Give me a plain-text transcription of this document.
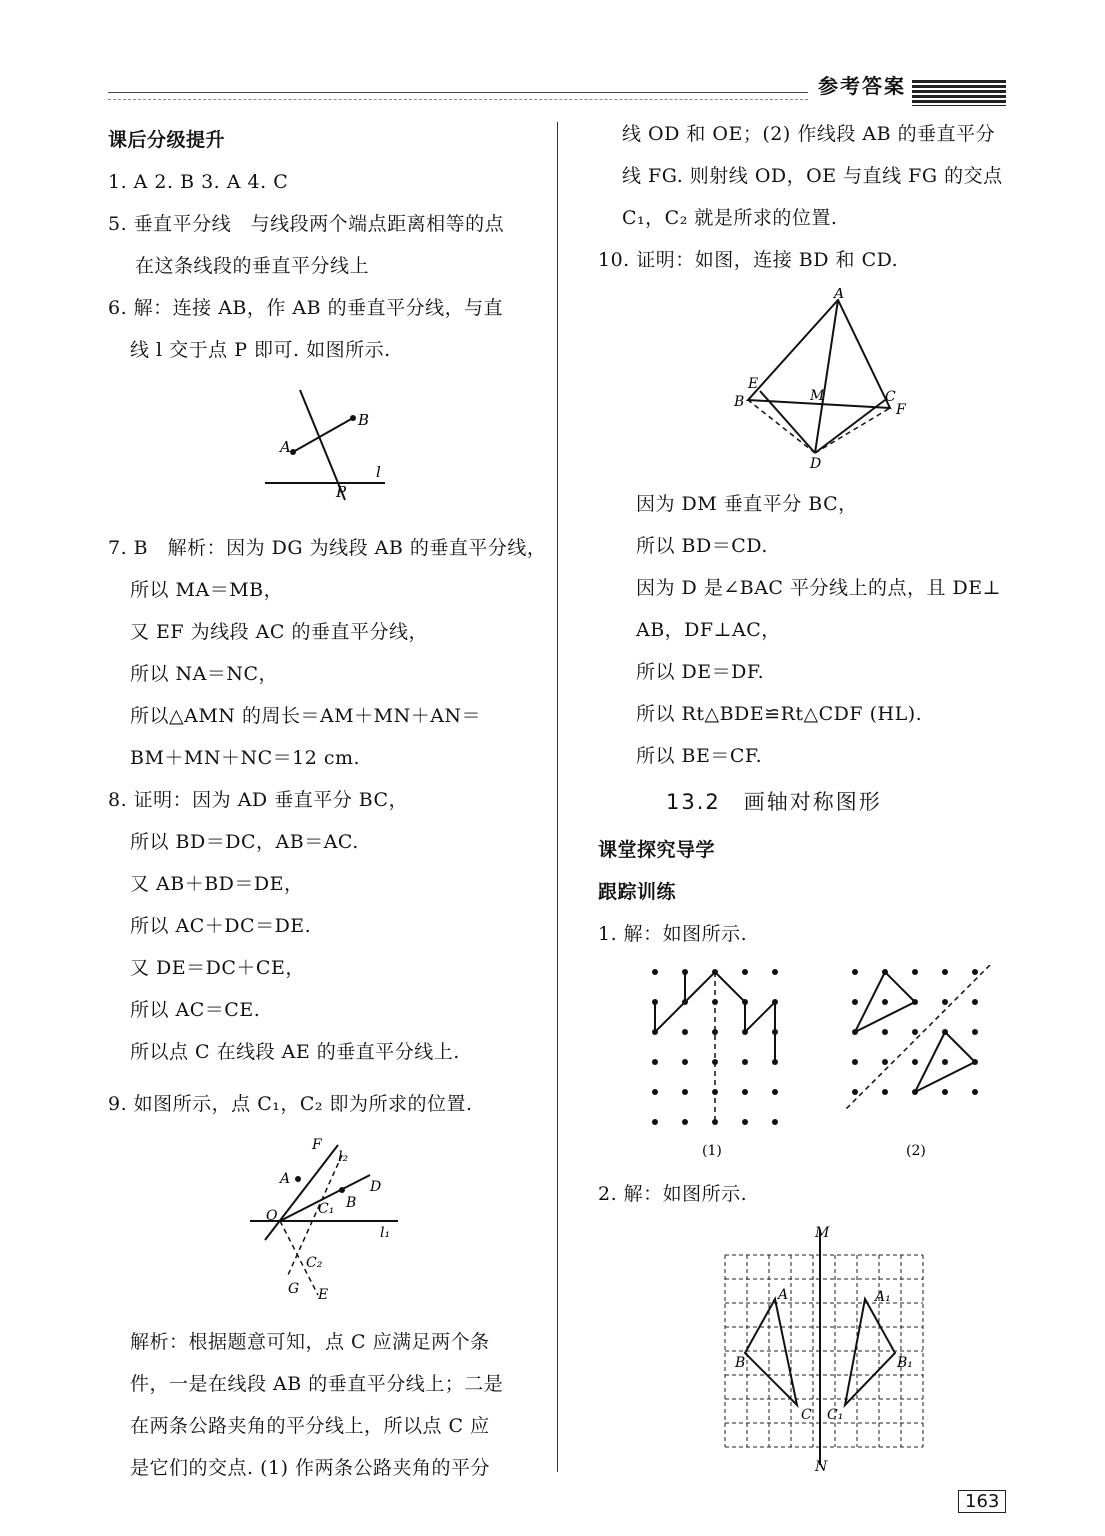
参考答案
课后分级提升
1. A 2. B 3. A 4. C
5. 垂直平分线　与线段两个端点距离相等的点
在这条线段的垂直平分线上
6. 解：连接 AB，作 AB 的垂直平分线，与直
线 l 交于点 P 即可. 如图所示.
7. B　解析：因为 DG 为线段 AB 的垂直平分线，
所以 MA＝MB，
又 EF 为线段 AC 的垂直平分线，
所以 NA＝NC，
所以△AMN 的周长＝AM＋MN＋AN＝
BM＋MN＋NC＝12 cm.
8. 证明：因为 AD 垂直平分 BC，
所以 BD＝DC，AB＝AC.
又 AB＋BD＝DE，
所以 AC＋DC＝DE.
又 DE＝DC＋CE，
所以 AC＝CE.
所以点 C 在线段 AE 的垂直平分线上.
9. 如图所示，点 C₁，C₂ 即为所求的位置.
解析：根据题意可知，点 C 应满足两个条
件，一是在线段 AB 的垂直平分线上；二是
在两条公路夹角的平分线上，所以点 C 应
是它们的交点. (1) 作两条公路夹角的平分
线 OD 和 OE；(2) 作线段 AB 的垂直平分
线 FG. 则射线 OD，OE 与直线 FG 的交点
C₁，C₂ 就是所求的位置.
10. 证明：如图，连接 BD 和 CD.
因为 DM 垂直平分 BC，
所以 BD＝CD.
因为 D 是∠BAC 平分线上的点，且 DE⊥
AB，DF⊥AC，
所以 DE＝DF.
所以 Rt△BDE≌Rt△CDF (HL).
所以 BE＝CF.
13.2　画轴对称图形
课堂探究导学
跟踪训练
1. 解：如图所示.
2. 解：如图所示.
B
A
l
P
F
l₂
D
A
B
C₁
O
l₁
C₂
G E
A
E
B	M	C
F
D
(1)	(2)
M
A	A₁
B	B₁
C C₁
N
163
